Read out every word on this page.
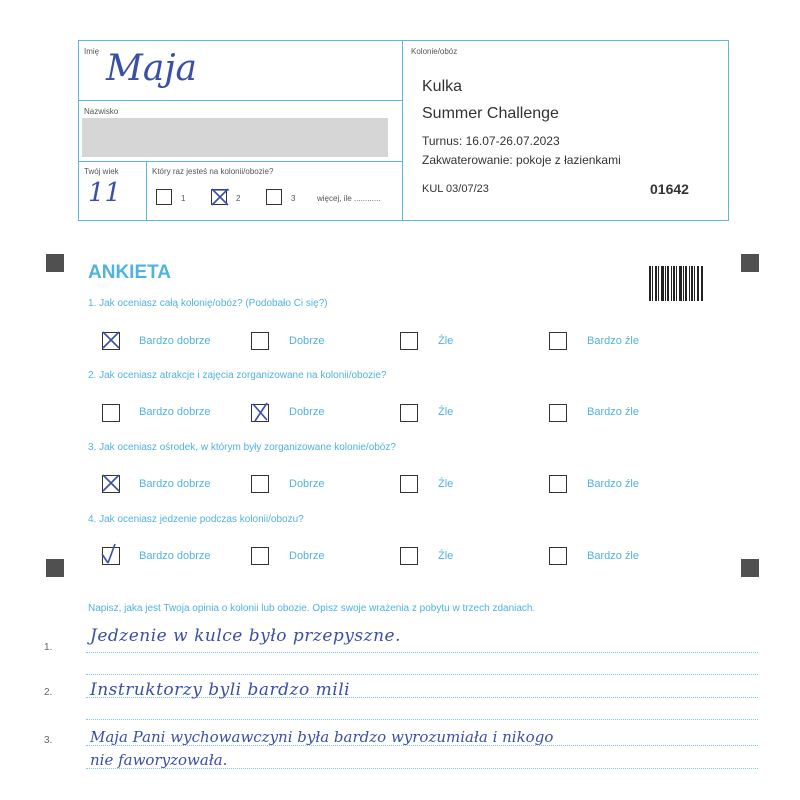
Imię Maja
Nazwisko
Twój wiek
11
Który raz jesteś na kolonii/obozie?
1	2	3	więcej, ile ............
Kolonie/obóz
Kulka
Summer Challenge
Turnus: 16.07-26.07.2023
Zakwaterowanie: pokoje z łazienkami
KUL 03/07/23	01642
ANKIETA
1. Jak oceniasz całą kolonię/obóz? (Podobało Ci się?)
Bardzo dobrze	Dobrze	Źle	Bardzo źle
2. Jak oceniasz atrakcje i zajęcia zorganizowane na kolonii/obozie?
Bardzo dobrze	Dobrze	Źle	Bardzo źle
3. Jak oceniasz ośrodek, w którym były zorganizowane kolonie/obóz?
Bardzo dobrze	Dobrze	Źle	Bardzo źle
4. Jak oceniasz jedzenie podczas kolonii/obozu?
Bardzo dobrze	Dobrze	Źle	Bardzo źle
Napisz, jaka jest Twoja opinia o kolonii lub obozie. Opisz swoje wrażenia z pobytu w trzech zdaniach.
1.
Jedzenie w kulce było przepyszne.
2. Instruktorzy byli bardzo mili
3.	Maja Pani wychowawczyni była bardzo wyrozumiała i nikogo
nie faworyzowała.
